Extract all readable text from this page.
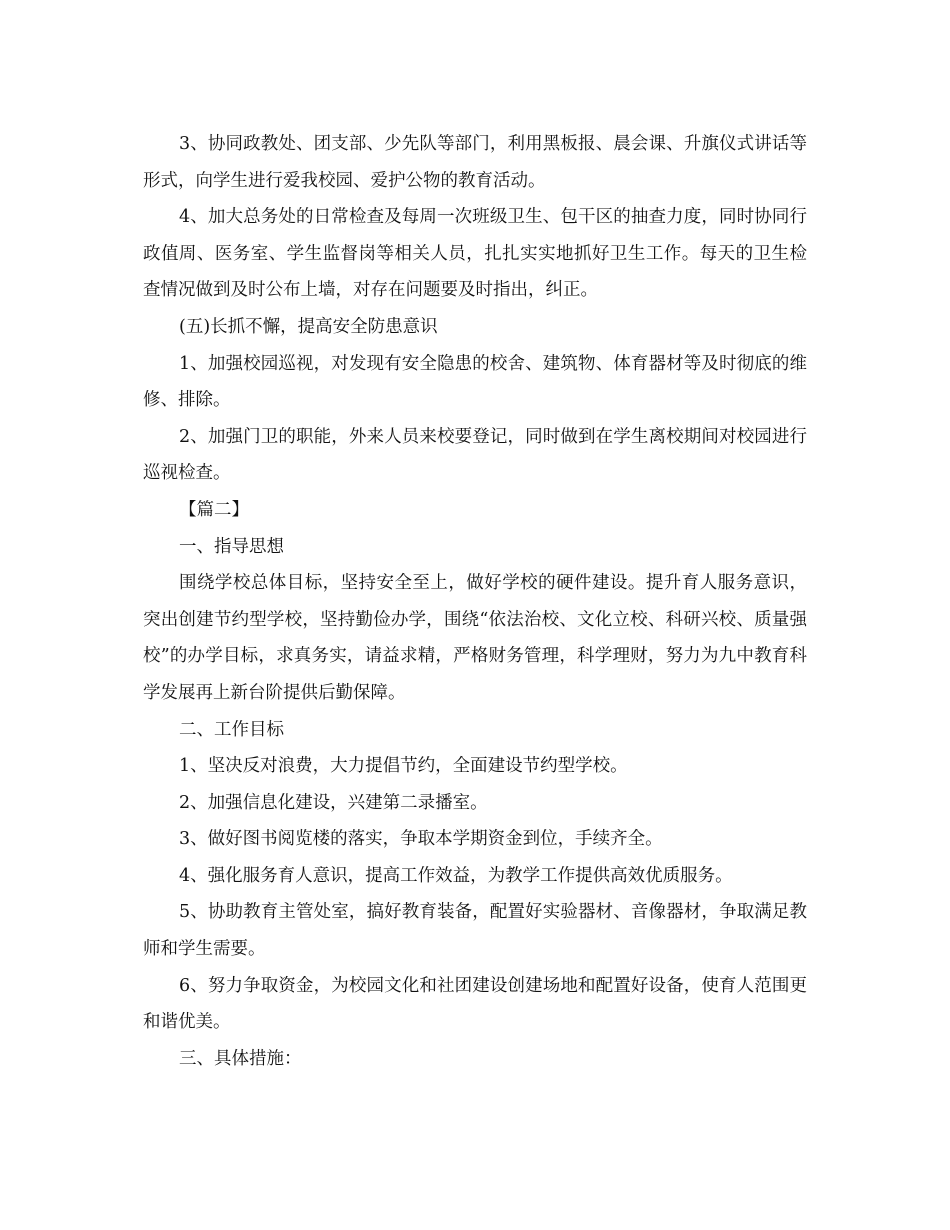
3、协同政教处、团支部、少先队等部门，利用黑板报、晨会课、升旗仪式讲话等形式，向学生进行爱我校园、爱护公物的教育活动。

4、加大总务处的日常检查及每周一次班级卫生、包干区的抽查力度，同时协同行政值周、医务室、学生监督岗等相关人员，扎扎实实地抓好卫生工作。每天的卫生检查情况做到及时公布上墙，对存在问题要及时指出，纠正。

(五)长抓不懈，提高安全防患意识

1、加强校园巡视，对发现有安全隐患的校舍、建筑物、体育器材等及时彻底的维修、排除。

2、加强门卫的职能，外来人员来校要登记，同时做到在学生离校期间对校园进行巡视检查。

【篇二】

一、指导思想

围绕学校总体目标，坚持安全至上，做好学校的硬件建设。提升育人服务意识，突出创建节约型学校，坚持勤俭办学，围绕“依法治校、文化立校、科研兴校、质量强校”的办学目标，求真务实，请益求精，严格财务管理，科学理财，努力为九中教育科学发展再上新台阶提供后勤保障。

二、工作目标

1、坚决反对浪费，大力提倡节约，全面建设节约型学校。

2、加强信息化建设，兴建第二录播室。

3、做好图书阅览楼的落实，争取本学期资金到位，手续齐全。

4、强化服务育人意识，提高工作效益，为教学工作提供高效优质服务。

5、协助教育主管处室，搞好教育装备，配置好实验器材、音像器材，争取满足教师和学生需要。

6、努力争取资金，为校园文化和社团建设创建场地和配置好设备，使育人范围更和谐优美。

三、具体措施：
